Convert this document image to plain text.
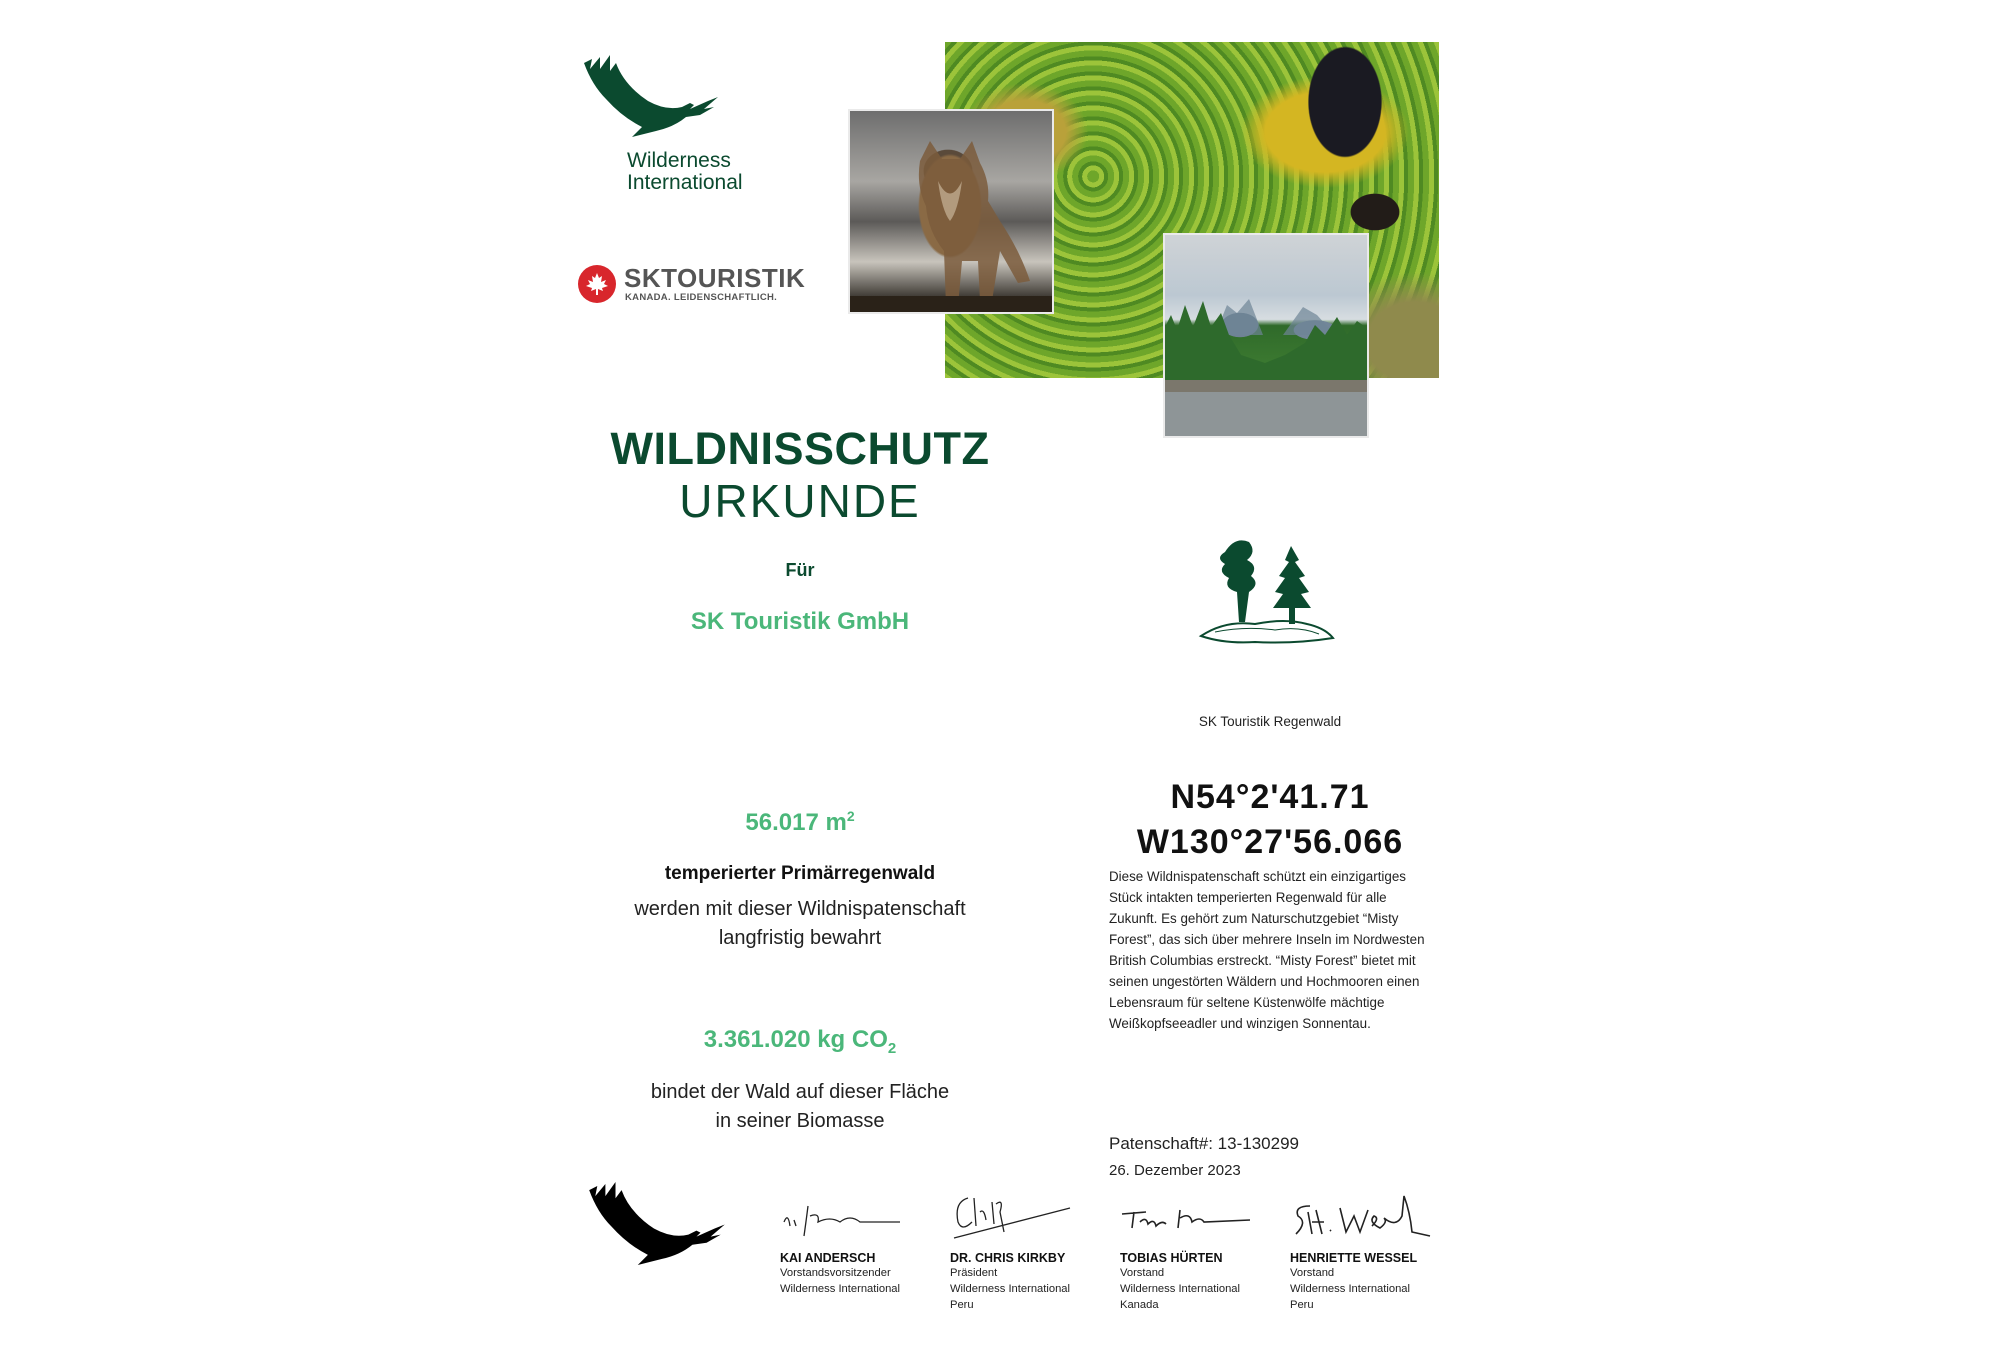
Wilderness
International
SKTOURISTIK
KANADA. LEIDENSCHAFTLICH.
WILDNISSCHUTZ
URKUNDE
Für
SK Touristik GmbH
56.017 $m^2$
temperierter Primärregenwald
werden mit dieser Wildnispatenschaft
langfristig bewahrt
3.361.020 kg $CO_2$
bindet der Wald auf dieser Fläche
in seiner Biomasse
SK Touristik Regenwald
N54°2'41.71
W130°27'56.066
Diese Wildnispatenschaft schützt ein einzigartiges Stück intakten temperierten Regenwald für alle Zukunft. Es gehört zum Naturschutzgebiet “Misty Forest”, das sich über mehrere Inseln im Nordwesten British Columbias erstreckt. “Misty Forest” bietet mit seinen ungestörten Wäldern und Hochmooren einen Lebensraum für seltene Küstenwölfe mächtige Weißkopfseeadler und winzigen Sonnentau.
Patenschaft#: 13-130299
26. Dezember 2023
KAI ANDERSCH
Vorstandsvorsitzender
Wilderness International
DR. CHRIS KIRKBY
Präsident
Wilderness International
Peru
TOBIAS HÜRTEN
Vorstand
Wilderness International
Kanada
HENRIETTE WESSEL
Vorstand
Wilderness International
Peru
